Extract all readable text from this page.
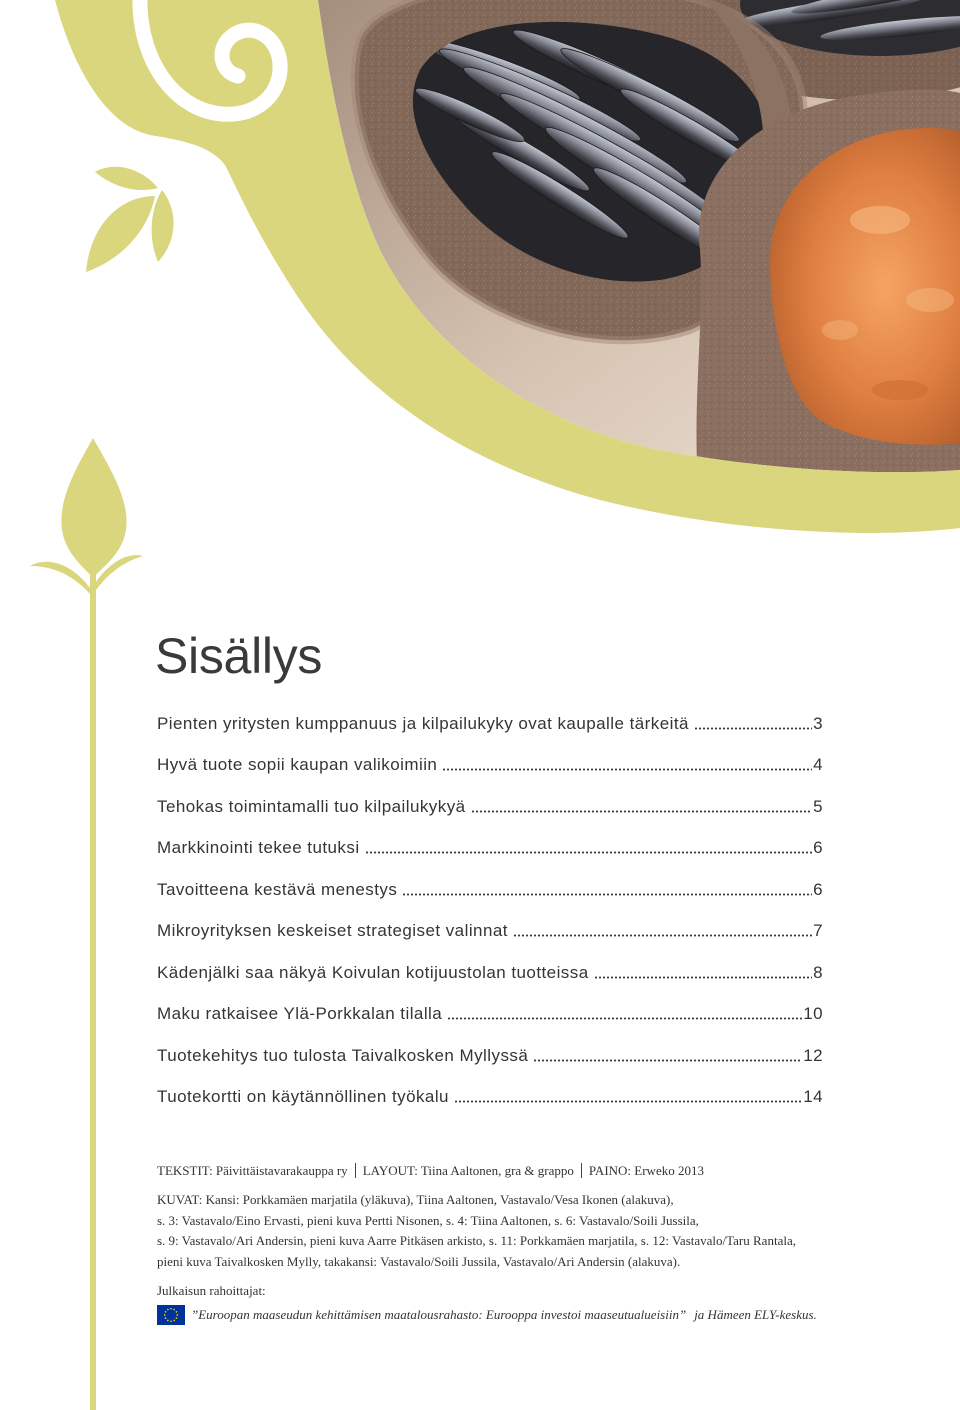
Sisällys
Pienten yritysten kumppanuus ja kilpailukyky ovat kaupalle tärkeitä	3
Hyvä tuote sopii kaupan valikoimiin	4
Tehokas toimintamalli tuo kilpailukykyä	5
Markkinointi tekee tutuksi	6
Tavoitteena kestävä menestys	6
Mikroyrityksen keskeiset strategiset valinnat	7
Kädenjälki saa näkyä Koivulan kotijuustolan tuotteissa	8
Maku ratkaisee Ylä-Porkkalan tilalla	10
Tuotekehitys tuo tulosta Taivalkosken Myllyssä	12
Tuotekortti on käytännöllinen työkalu	14
TEKSTIT: Päivittäistavarakauppa ry LAYOUT: Tiina Aaltonen, gra & grappo PAINO: Erweko 2013
KUVAT: Kansi: Porkkamäen marjatila (yläkuva), Tiina Aaltonen, Vastavalo/Vesa Ikonen (alakuva),
s. 3: Vastavalo/Eino Ervasti, pieni kuva Pertti Nisonen, s. 4: Tiina Aaltonen, s. 6: Vastavalo/Soili Jussila,
s. 9: Vastavalo/Ari Andersin, pieni kuva Aarre Pitkäsen arkisto, s. 11: Porkkamäen marjatila, s. 12: Vastavalo/Taru Rantala,
pieni kuva Taivalkosken Mylly, takakansi: Vastavalo/Soili Jussila, Vastavalo/Ari Andersin (alakuva).
Julkaisun rahoittajat:
”Euroopan maaseudun kehittämisen maatalousrahasto: Eurooppa investoi maaseutualueisiin” ja Hämeen ELY-keskus.
